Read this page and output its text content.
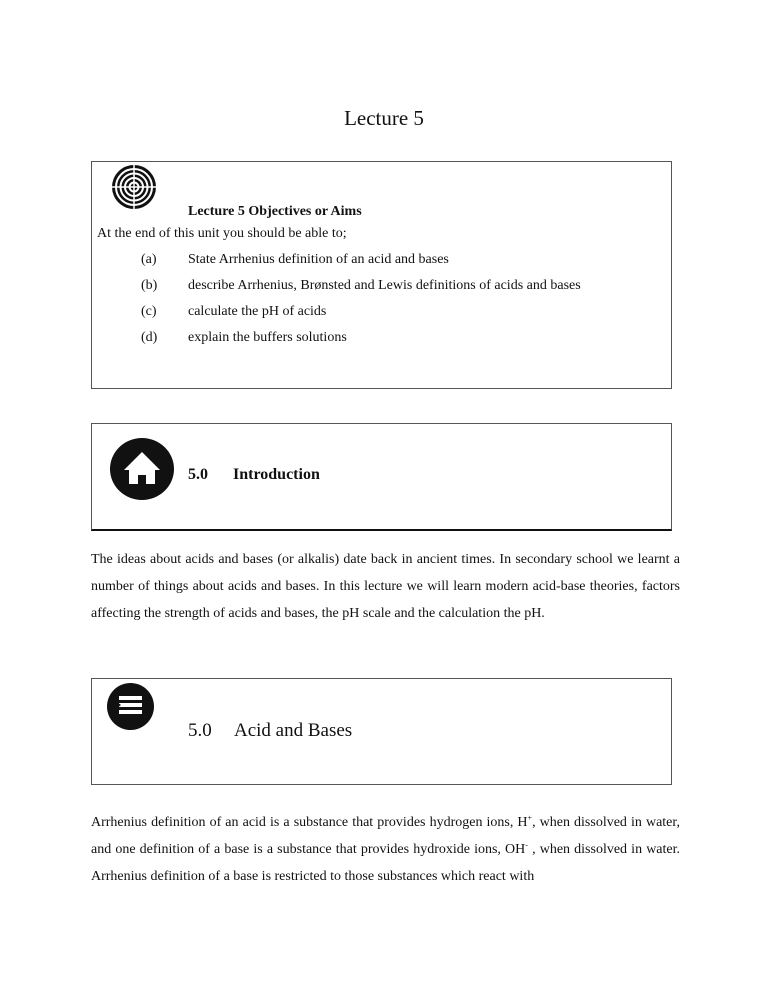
Lecture 5
Lecture 5 Objectives or Aims
At the end of this unit you should be able to;
(a) State Arrhenius definition of an acid and bases
(b) describe Arrhenius, Brønsted and Lewis definitions of acids and bases
(c) calculate the pH of acids
(d) explain the buffers solutions
5.0 Introduction
The ideas about acids and bases (or alkalis) date back in ancient times. In secondary school we learnt a number of things about acids and bases. In this lecture we will learn modern acid-base theories, factors affecting the strength of acids and bases, the pH scale and the calculation the pH.
5.0 Acid and Bases
Arrhenius definition of an acid is a substance that provides hydrogen ions, H+, when dissolved in water, and one definition of a base is a substance that provides hydroxide ions, OH- , when dissolved in water. Arrhenius definition of a base is restricted to those substances which react with
